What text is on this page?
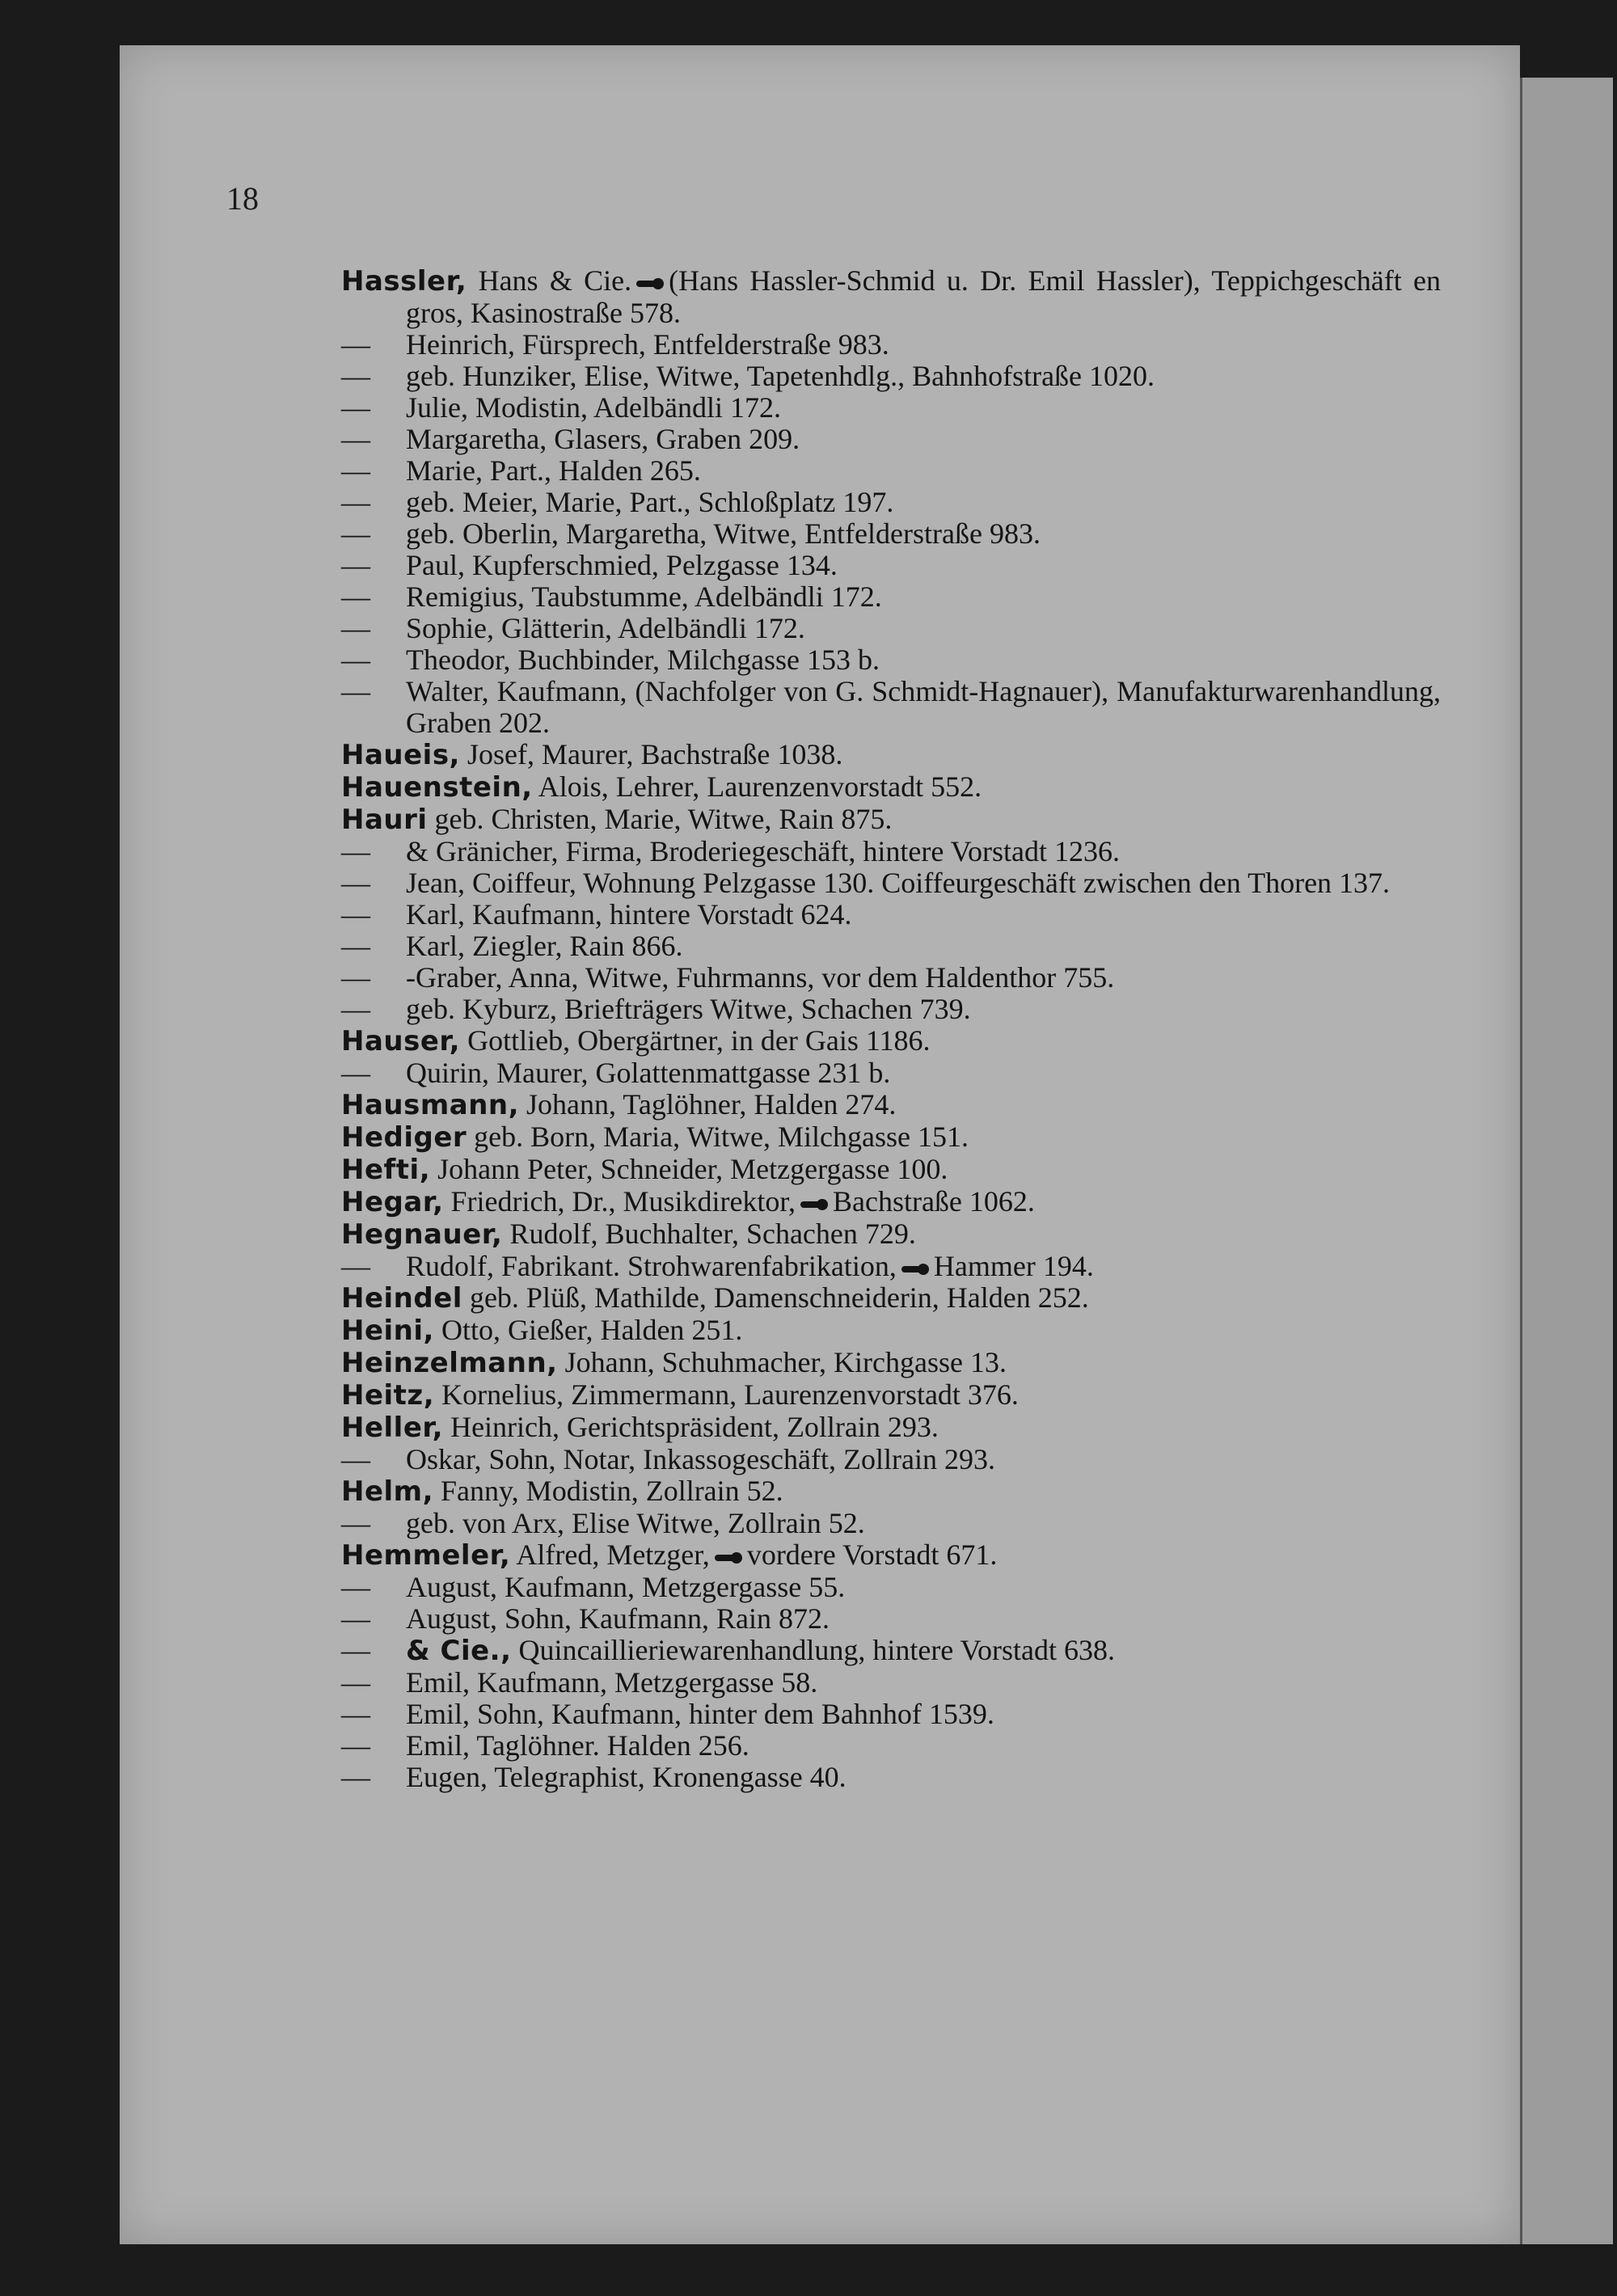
18
Hassler, Hans & Cie. (Hans Hassler-Schmid u. Dr. Emil Hassler), Teppichgeschäft en gros, Kasinostraße 578.
— Heinrich, Fürsprech, Entfelderstraße 983.
— geb. Hunziker, Elise, Witwe, Tapetenhdlg., Bahnhofstraße 1020.
— Julie, Modistin, Adelbändli 172.
— Margaretha, Glasers, Graben 209.
— Marie, Part., Halden 265.
— geb. Meier, Marie, Part., Schloßplatz 197.
— geb. Oberlin, Margaretha, Witwe, Entfelderstraße 983.
— Paul, Kupferschmied, Pelzgasse 134.
— Remigius, Taubstumme, Adelbändli 172.
— Sophie, Glätterin, Adelbändli 172.
— Theodor, Buchbinder, Milchgasse 153 b.
— Walter, Kaufmann, (Nachfolger von G. Schmidt-Hagnauer), Manufakturwarenhandlung, Graben 202.
Haueis, Josef, Maurer, Bachstraße 1038.
Hauenstein, Alois, Lehrer, Laurenzenvorstadt 552.
Hauri geb. Christen, Marie, Witwe, Rain 875.
— & Gränicher, Firma, Broderiegeschäft, hintere Vorstadt 1236.
— Jean, Coiffeur, Wohnung Pelzgasse 130. Coiffeurgeschäft zwischen den Thoren 137.
— Karl, Kaufmann, hintere Vorstadt 624.
— Karl, Ziegler, Rain 866.
— -Graber, Anna, Witwe, Fuhrmanns, vor dem Haldenthor 755.
— geb. Kyburz, Briefträgers Witwe, Schachen 739.
Hauser, Gottlieb, Obergärtner, in der Gais 1186.
— Quirin, Maurer, Golattenmattgasse 231 b.
Hausmann, Johann, Taglöhner, Halden 274.
Hediger geb. Born, Maria, Witwe, Milchgasse 151.
Hefti, Johann Peter, Schneider, Metzgergasse 100.
Hegar, Friedrich, Dr., Musikdirektor, Bachstraße 1062.
Hegnauer, Rudolf, Buchhalter, Schachen 729.
— Rudolf, Fabrikant. Strohwarenfabrikation, Hammer 194.
Heindel geb. Plüß, Mathilde, Damenschneiderin, Halden 252.
Heini, Otto, Gießer, Halden 251.
Heinzelmann, Johann, Schuhmacher, Kirchgasse 13.
Heitz, Kornelius, Zimmermann, Laurenzenvorstadt 376.
Heller, Heinrich, Gerichtspräsident, Zollrain 293.
— Oskar, Sohn, Notar, Inkassogeschäft, Zollrain 293.
Helm, Fanny, Modistin, Zollrain 52.
— geb. von Arx, Elise Witwe, Zollrain 52.
Hemmeler, Alfred, Metzger, vordere Vorstadt 671.
— August, Kaufmann, Metzgergasse 55.
— August, Sohn, Kaufmann, Rain 872.
— & Cie., Quincaillieriewarenhandlung, hintere Vorstadt 638.
— Emil, Kaufmann, Metzgergasse 58.
— Emil, Sohn, Kaufmann, hinter dem Bahnhof 1539.
— Emil, Taglöhner. Halden 256.
— Eugen, Telegraphist, Kronengasse 40.
